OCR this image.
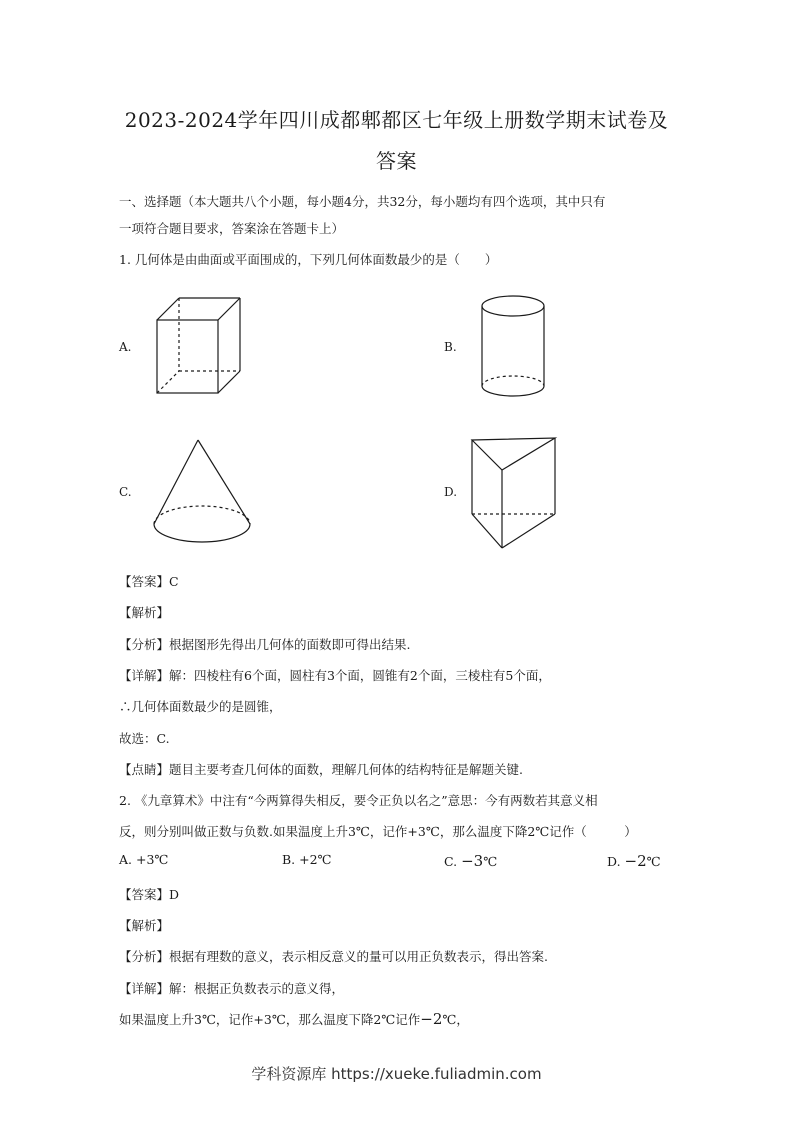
2023-2024学年四川成都郫都区七年级上册数学期末试卷及
答案
一、选择题（本大题共八个小题，每小题4分，共32分，每小题均有四个选项，其中只有
一项符合题目要求，答案涂在答题卡上）
1. 几何体是由曲面或平面围成的，下列几何体面数最少的是（　　）
A.	B.
C.	D.
【答案】C
【解析】
【分析】根据图形先得出几何体的面数即可得出结果.
【详解】解：四棱柱有6个面，圆柱有3个面，圆锥有2个面，三棱柱有5个面，
∴几何体面数最少的是圆锥，
故选：C.
【点睛】题目主要考查几何体的面数，理解几何体的结构特征是解题关键.
2. 《九章算术》中注有“今两算得失相反，要令正负以名之”意思：今有两数若其意义相
反，则分别叫做正数与负数.如果温度上升3℃，记作+3℃，那么温度下降2℃记作（　　　）
A. +3℃	B. +2℃	C. −3℃	D. −2℃
【答案】D
【解析】
【分析】根据有理数的意义，表示相反意义的量可以用正负数表示，得出答案.
【详解】解：根据正负数表示的意义得，
如果温度上升3℃，记作+3℃，那么温度下降2℃记作−2℃，
学科资源库 https://xueke.fuliadmin.com
